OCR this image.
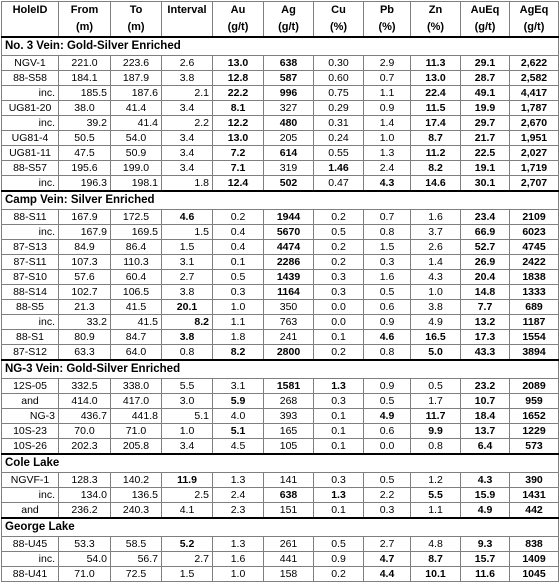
HoleID	From	To	Interval	Au	Ag	Cu	Pb	Zn	AuEq	AgEq
	(m)	(m)		(g/t)	(g/t)	(%)	(%)	(%)	(g/t)	(g/t)
No. 3 Vein: Gold-Silver Enriched										
NGV-1	221.0	223.6	2.6	13.0	638	0.30	2.9	11.3	29.1	2,622
88-S58	184.1	187.9	3.8	12.8	587	0.60	0.7	13.0	28.7	2,582
inc.	185.5	187.6	2.1	22.2	996	0.75	1.1	22.4	49.1	4,417
UG81-20	38.0	41.4	3.4	8.1	327	0.29	0.9	11.5	19.9	1,787
inc.	39.2	41.4	2.2	12.2	480	0.31	1.4	17.4	29.7	2,670
UG81-4	50.5	54.0	3.4	13.0	205	0.24	1.0	8.7	21.7	1,951
UG81-11	47.5	50.9	3.4	7.2	614	0.55	1.3	11.2	22.5	2,027
88-S57	195.6	199.0	3.4	7.1	319	1.46	2.4	8.2	19.1	1,719
inc.	196.3	198.1	1.8	12.4	502	0.47	4.3	14.6	30.1	2,707
Camp Vein: Silver Enriched										
88-S11	167.9	172.5	4.6	0.2	1944	0.2	0.7	1.6	23.4	2109
inc.	167.9	169.5	1.5	0.4	5670	0.5	0.8	3.7	66.9	6023
87-S13	84.9	86.4	1.5	0.4	4474	0.2	1.5	2.6	52.7	4745
87-S11	107.3	110.3	3.1	0.1	2286	0.2	0.3	1.4	26.9	2422
87-S10	57.6	60.4	2.7	0.5	1439	0.3	1.6	4.3	20.4	1838
88-S14	102.7	106.5	3.8	0.3	1164	0.3	0.5	1.0	14.8	1333
88-S5	21.3	41.5	20.1	1.0	350	0.0	0.6	3.8	7.7	689
inc.	33.2	41.5	8.2	1.1	763	0.0	0.9	4.9	13.2	1187
88-S1	80.9	84.7	3.8	1.8	241	0.1	4.6	16.5	17.3	1554
87-S12	63.3	64.0	0.8	8.2	2800	0.2	0.8	5.0	43.3	3894
NG-3 Vein: Gold-Silver Enriched										
12S-05	332.5	338.0	5.5	3.1	1581	1.3	0.9	0.5	23.2	2089
and	414.0	417.0	3.0	5.9	268	0.3	0.5	1.7	10.7	959
NG-3	436.7	441.8	5.1	4.0	393	0.1	4.9	11.7	18.4	1652
10S-23	70.0	71.0	1.0	5.1	165	0.1	0.6	9.9	13.7	1229
10S-26	202.3	205.8	3.4	4.5	105	0.1	0.0	0.8	6.4	573
Cole Lake										
NGVF-1	128.3	140.2	11.9	1.3	141	0.3	0.5	1.2	4.3	390
inc.	134.0	136.5	2.5	2.4	638	1.3	2.2	5.5	15.9	1431
and	236.2	240.3	4.1	2.3	151	0.1	0.3	1.1	4.9	442
George Lake										
88-U45	53.3	58.5	5.2	1.3	261	0.5	2.7	4.8	9.3	838
inc.	54.0	56.7	2.7	1.6	441	0.9	4.7	8.7	15.7	1409
88-U41	71.0	72.5	1.5	1.0	158	0.2	4.4	10.1	11.6	1045
